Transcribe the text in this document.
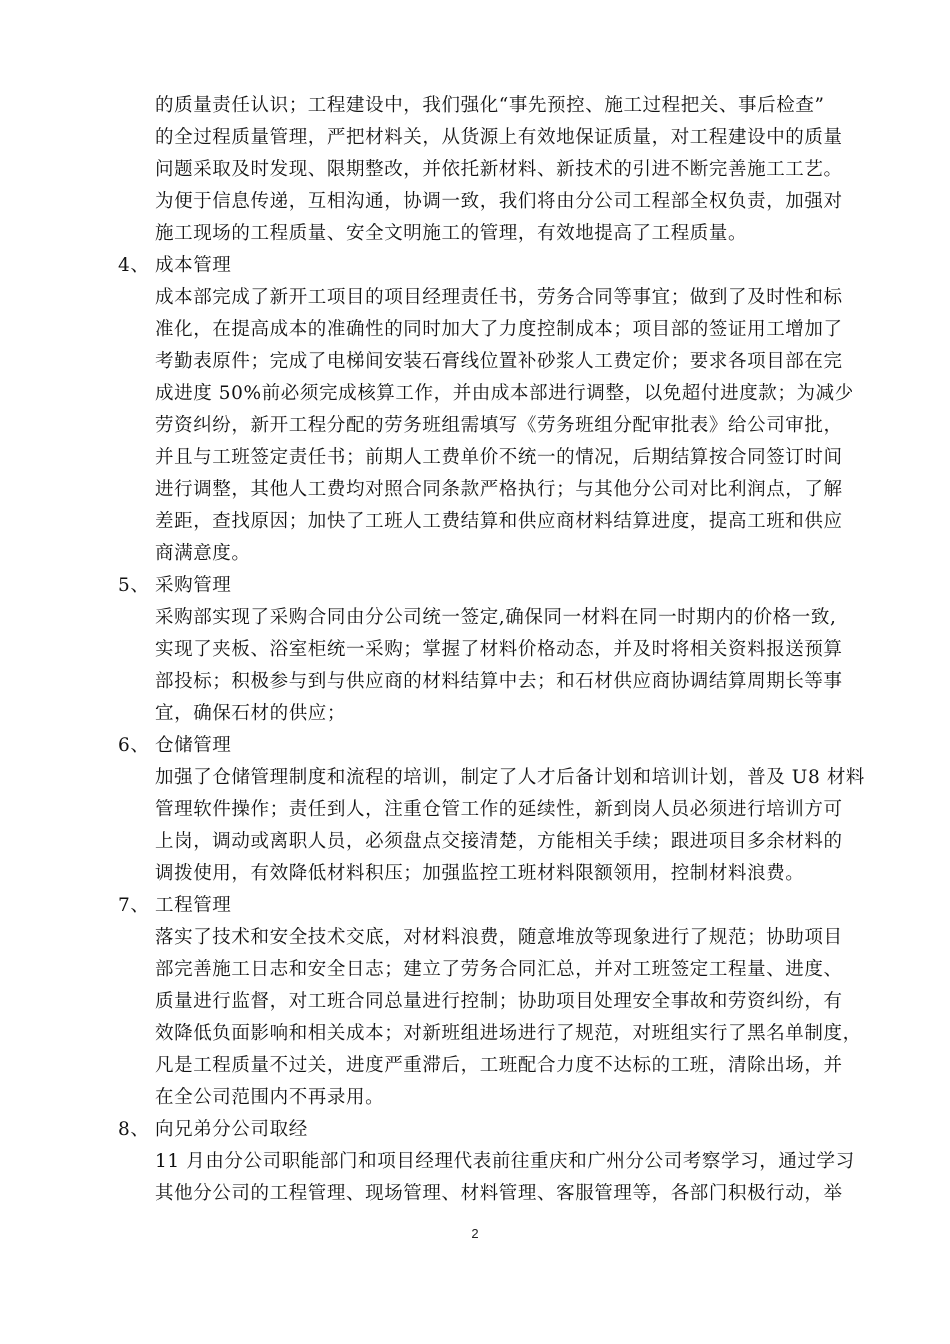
的质量责任认识；工程建设中，我们强化“事先预控、施工过程把关、事后检查”
的全过程质量管理，严把材料关，从货源上有效地保证质量，对工程建设中的质量
问题采取及时发现、限期整改，并依托新材料、新技术的引进不断完善施工工艺。
为便于信息传递，互相沟通，协调一致，我们将由分公司工程部全权负责，加强对
施工现场的工程质量、安全文明施工的管理，有效地提高了工程质量。
4、 成本管理
成本部完成了新开工项目的项目经理责任书，劳务合同等事宜；做到了及时性和标
准化，在提高成本的准确性的同时加大了力度控制成本；项目部的签证用工增加了
考勤表原件；完成了电梯间安装石膏线位置补砂浆人工费定价；要求各项目部在完
成进度 50%前必须完成核算工作，并由成本部进行调整，以免超付进度款；为减少
劳资纠纷，新开工程分配的劳务班组需填写《劳务班组分配审批表》给公司审批，
并且与工班签定责任书；前期人工费单价不统一的情况，后期结算按合同签订时间
进行调整，其他人工费均对照合同条款严格执行；与其他分公司对比利润点，了解
差距，查找原因；加快了工班人工费结算和供应商材料结算进度，提高工班和供应
商满意度。
5、 采购管理
采购部实现了采购合同由分公司统一签定,确保同一材料在同一时期内的价格一致,
实现了夹板、浴室柜统一采购；掌握了材料价格动态，并及时将相关资料报送预算
部投标；积极参与到与供应商的材料结算中去；和石材供应商协调结算周期长等事
宜，确保石材的供应；
6、 仓储管理
加强了仓储管理制度和流程的培训，制定了人才后备计划和培训计划，普及 U8 材料
管理软件操作；责任到人，注重仓管工作的延续性，新到岗人员必须进行培训方可
上岗，调动或离职人员，必须盘点交接清楚，方能相关手续；跟进项目多余材料的
调拨使用，有效降低材料积压；加强监控工班材料限额领用，控制材料浪费。
7、 工程管理
落实了技术和安全技术交底，对材料浪费，随意堆放等现象进行了规范；协助项目
部完善施工日志和安全日志；建立了劳务合同汇总，并对工班签定工程量、进度、
质量进行监督，对工班合同总量进行控制；协助项目处理安全事故和劳资纠纷，有
效降低负面影响和相关成本；对新班组进场进行了规范，对班组实行了黑名单制度，
凡是工程质量不过关，进度严重滞后，工班配合力度不达标的工班，清除出场，并
在全公司范围内不再录用。
8、 向兄弟分公司取经
11 月由分公司职能部门和项目经理代表前往重庆和广州分公司考察学习，通过学习
其他分公司的工程管理、现场管理、材料管理、客服管理等，各部门积极行动，举
2
